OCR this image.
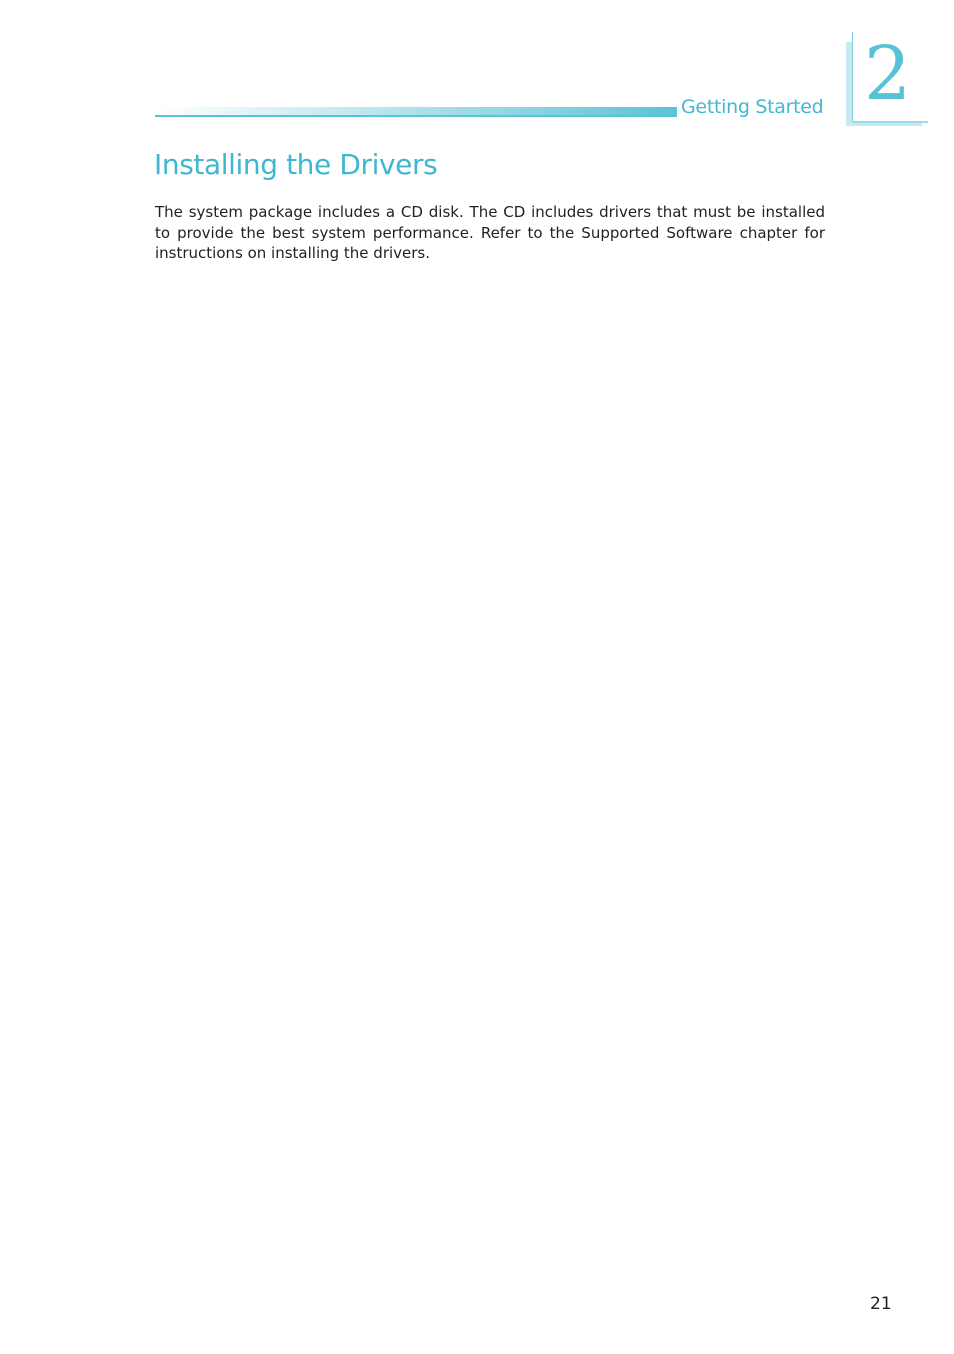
Getting Started 2
Installing the Drivers

The system package includes a CD disk. The CD includes drivers that must be installed to provide the best system performance. Refer to the Supported Software chapter for instructions on installing the drivers.

21
